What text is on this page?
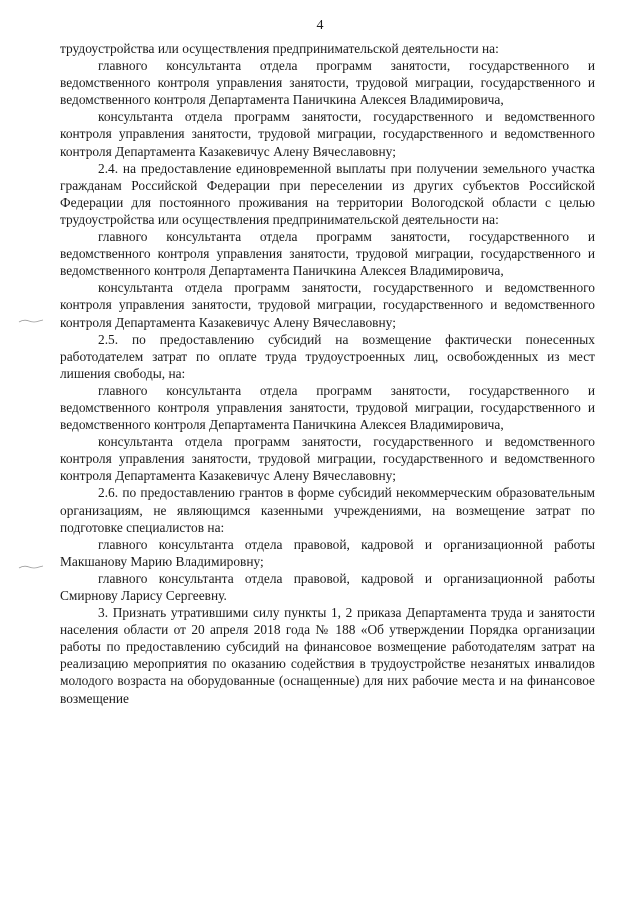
4

трудоустройства или осуществления предпринимательской деятельности на:

главного консультанта отдела программ занятости, государственного и ведомственного контроля управления занятости, трудовой миграции, государственного и ведомственного контроля Департамента Паничкина Алексея Владимировича,

консультанта отдела программ занятости, государственного и ведомственного контроля управления занятости, трудовой миграции, государственного и ведомственного контроля Департамента Казакевичус Алену Вячеславовну;

2.4. на предоставление единовременной выплаты при получении земельного участка гражданам Российской Федерации при переселении из других субъектов Российской Федерации для постоянного проживания на территории Вологодской области с целью трудоустройства или осуществления предпринимательской деятельности на:

главного консультанта отдела программ занятости, государственного и ведомственного контроля управления занятости, трудовой миграции, государственного и ведомственного контроля Департамента Паничкина Алексея Владимировича,

консультанта отдела программ занятости, государственного и ведомственного контроля управления занятости, трудовой миграции, государственного и ведомственного контроля Департамента Казакевичус Алену Вячеславовну;

2.5. по предоставлению субсидий на возмещение фактически понесенных работодателем затрат по оплате труда трудоустроенных лиц, освобожденных из мест лишения свободы, на:

главного консультанта отдела программ занятости, государственного и ведомственного контроля управления занятости, трудовой миграции, государственного и ведомственного контроля Департамента Паничкина Алексея Владимировича,

консультанта отдела программ занятости, государственного и ведомственного контроля управления занятости, трудовой миграции, государственного и ведомственного контроля Департамента Казакевичус Алену Вячеславовну;

2.6. по предоставлению грантов в форме субсидий некоммерческим образовательным организациям, не являющимся казенными учреждениями, на возмещение затрат по подготовке специалистов на:

главного консультанта отдела правовой, кадровой и организационной работы Макшанову Марию Владимировну;

главного консультанта отдела правовой, кадровой и организационной работы Смирнову Ларису Сергеевну.

3. Признать утратившими силу пункты 1, 2 приказа Департамента труда и занятости населения области от 20 апреля 2018 года № 188 «Об утверждении Порядка организации работы по предоставлению субсидий на финансовое возмещение работодателям затрат на реализацию мероприятия по оказанию содействия в трудоустройстве незанятых инвалидов молодого возраста на оборудованные (оснащенные) для них рабочие места и на финансовое возмещение
